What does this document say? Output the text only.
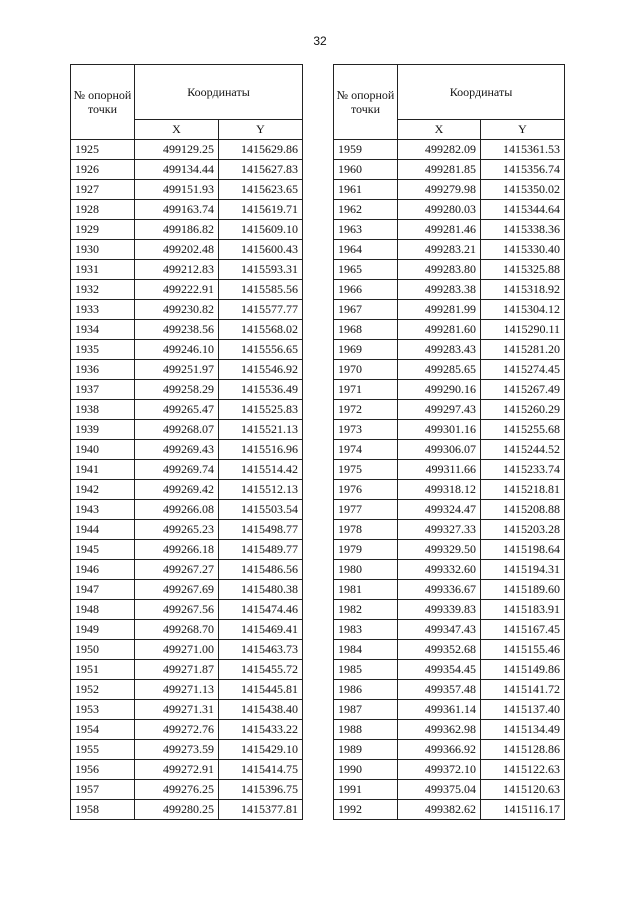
32
№ опорной точки	Координаты	
	X	Y
1925	499129.25	1415629.86
1926	499134.44	1415627.83
1927	499151.93	1415623.65
1928	499163.74	1415619.71
1929	499186.82	1415609.10
1930	499202.48	1415600.43
1931	499212.83	1415593.31
1932	499222.91	1415585.56
1933	499230.82	1415577.77
1934	499238.56	1415568.02
1935	499246.10	1415556.65
1936	499251.97	1415546.92
1937	499258.29	1415536.49
1938	499265.47	1415525.83
1939	499268.07	1415521.13
1940	499269.43	1415516.96
1941	499269.74	1415514.42
1942	499269.42	1415512.13
1943	499266.08	1415503.54
1944	499265.23	1415498.77
1945	499266.18	1415489.77
1946	499267.27	1415486.56
1947	499267.69	1415480.38
1948	499267.56	1415474.46
1949	499268.70	1415469.41
1950	499271.00	1415463.73
1951	499271.87	1415455.72
1952	499271.13	1415445.81
1953	499271.31	1415438.40
1954	499272.76	1415433.22
1955	499273.59	1415429.10
1956	499272.91	1415414.75
1957	499276.25	1415396.75
1958	499280.25	1415377.81
№ опорной точки	Координаты	
	X	Y
1959	499282.09	1415361.53
1960	499281.85	1415356.74
1961	499279.98	1415350.02
1962	499280.03	1415344.64
1963	499281.46	1415338.36
1964	499283.21	1415330.40
1965	499283.80	1415325.88
1966	499283.38	1415318.92
1967	499281.99	1415304.12
1968	499281.60	1415290.11
1969	499283.43	1415281.20
1970	499285.65	1415274.45
1971	499290.16	1415267.49
1972	499297.43	1415260.29
1973	499301.16	1415255.68
1974	499306.07	1415244.52
1975	499311.66	1415233.74
1976	499318.12	1415218.81
1977	499324.47	1415208.88
1978	499327.33	1415203.28
1979	499329.50	1415198.64
1980	499332.60	1415194.31
1981	499336.67	1415189.60
1982	499339.83	1415183.91
1983	499347.43	1415167.45
1984	499352.68	1415155.46
1985	499354.45	1415149.86
1986	499357.48	1415141.72
1987	499361.14	1415137.40
1988	499362.98	1415134.49
1989	499366.92	1415128.86
1990	499372.10	1415122.63
1991	499375.04	1415120.63
1992	499382.62	1415116.17
